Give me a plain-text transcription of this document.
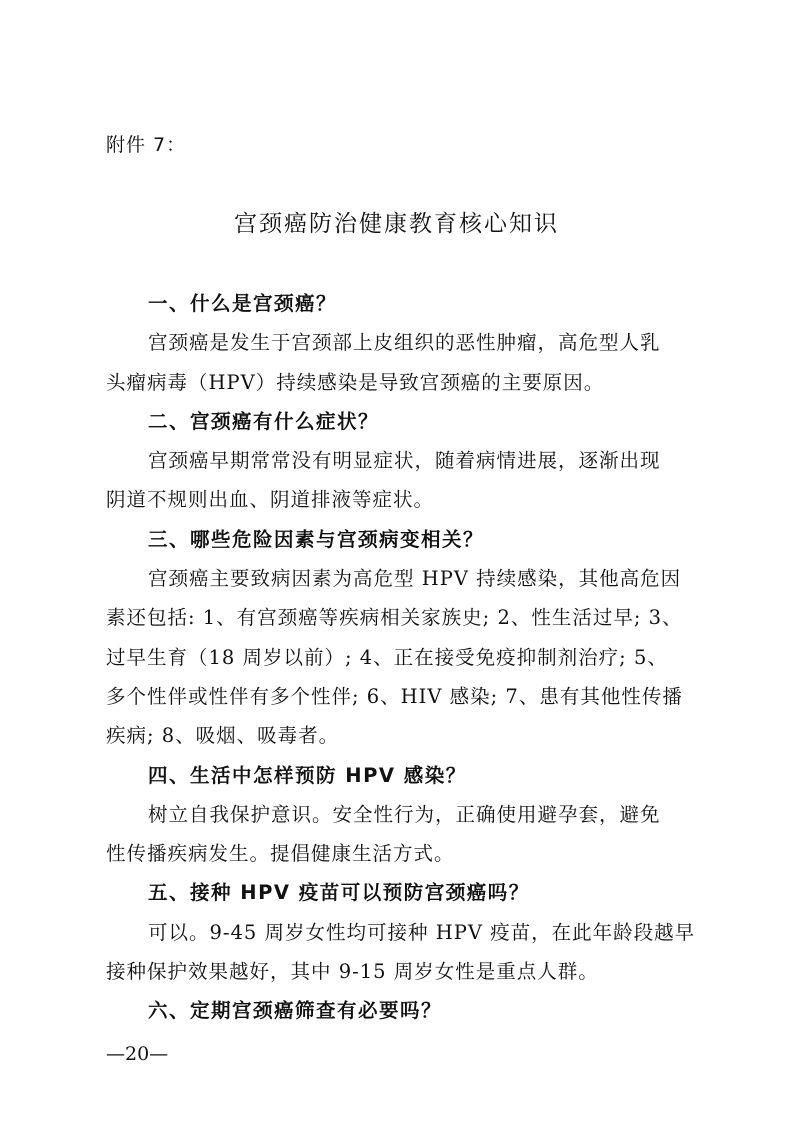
附件 7：
宫颈癌防治健康教育核心知识

一、什么是宫颈癌？

宫颈癌是发生于宫颈部上皮组织的恶性肿瘤，高危型人乳
头瘤病毒（HPV）持续感染是导致宫颈癌的主要原因。

二、宫颈癌有什么症状？

宫颈癌早期常常没有明显症状，随着病情进展，逐渐出现
阴道不规则出血、阴道排液等症状。

三、哪些危险因素与宫颈病变相关？

宫颈癌主要致病因素为高危型 HPV 持续感染，其他高危因
素还包括: 1、有宫颈癌等疾病相关家族史; 2、性生活过早; 3、
过早生育（18 周岁以前）; 4、正在接受免疫抑制剂治疗; 5、
多个性伴或性伴有多个性伴; 6、HIV 感染; 7、患有其他性传播
疾病; 8、吸烟、吸毒者。

四、生活中怎样预防 HPV 感染？

树立自我保护意识。安全性行为，正确使用避孕套，避免
性传播疾病发生。提倡健康生活方式。

五、接种 HPV 疫苗可以预防宫颈癌吗？

可以。9-45 周岁女性均可接种 HPV 疫苗，在此年龄段越早
接种保护效果越好，其中 9-15 周岁女性是重点人群。

六、定期宫颈癌筛查有必要吗？

—20—
